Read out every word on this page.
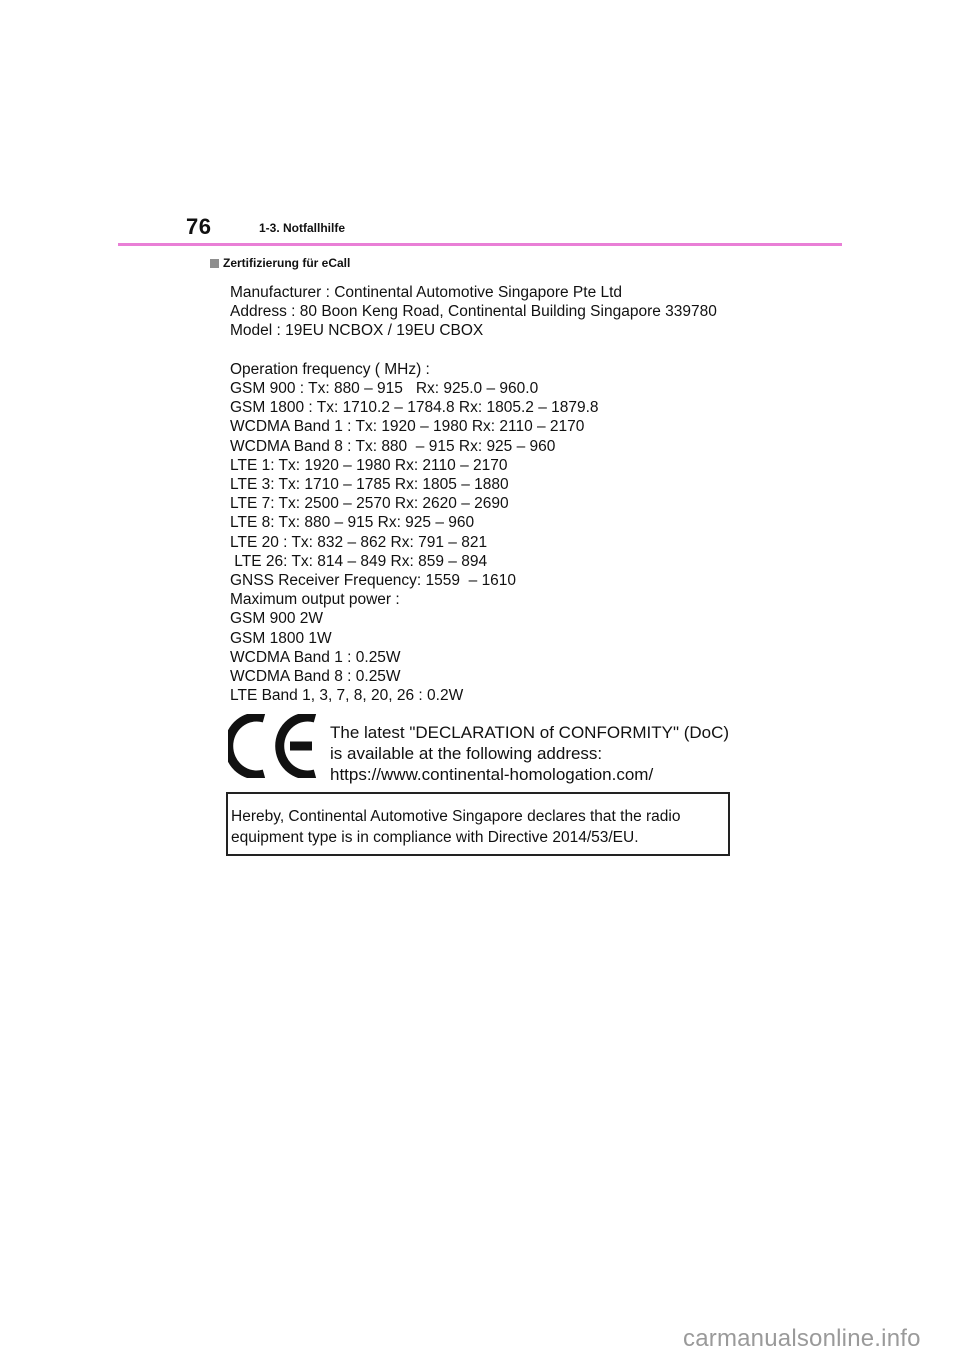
76	1-3. Notfallhilfe
Zertifizierung für eCall
Manufacturer : Continental Automotive Singapore Pte Ltd
Address : 80 Boon Keng Road, Continental Building Singapore 339780
Model : 19EU NCBOX / 19EU CBOX

Operation frequency ( MHz) :
GSM 900 : Tx: 880 – 915   Rx: 925.0 – 960.0
GSM 1800 : Tx: 1710.2 – 1784.8 Rx: 1805.2 – 1879.8
WCDMA Band 1 : Tx: 1920 – 1980 Rx: 2110 – 2170
WCDMA Band 8 : Tx: 880  – 915 Rx: 925 – 960
LTE 1: Tx: 1920 – 1980 Rx: 2110 – 2170
LTE 3: Tx: 1710 – 1785 Rx: 1805 – 1880
LTE 7: Tx: 2500 – 2570 Rx: 2620 – 2690
LTE 8: Tx: 880 – 915 Rx: 925 – 960
LTE 20 : Tx: 832 – 862 Rx: 791 – 821
LTE 26: Tx: 814 – 849 Rx: 859 – 894
GNSS Receiver Frequency: 1559  – 1610
Maximum output power :
GSM 900 2W
GSM 1800 1W
WCDMA Band 1 : 0.25W
WCDMA Band 8 : 0.25W
LTE Band 1, 3, 7, 8, 20, 26 : 0.2W
The latest "DECLARATION of CONFORMITY" (DoC)
is available at the following address:
https://www.continental-homologation.com/
Hereby, Continental Automotive Singapore declares that the radio
equipment type is in compliance with Directive 2014/53/EU.
carmanualsonline.info
